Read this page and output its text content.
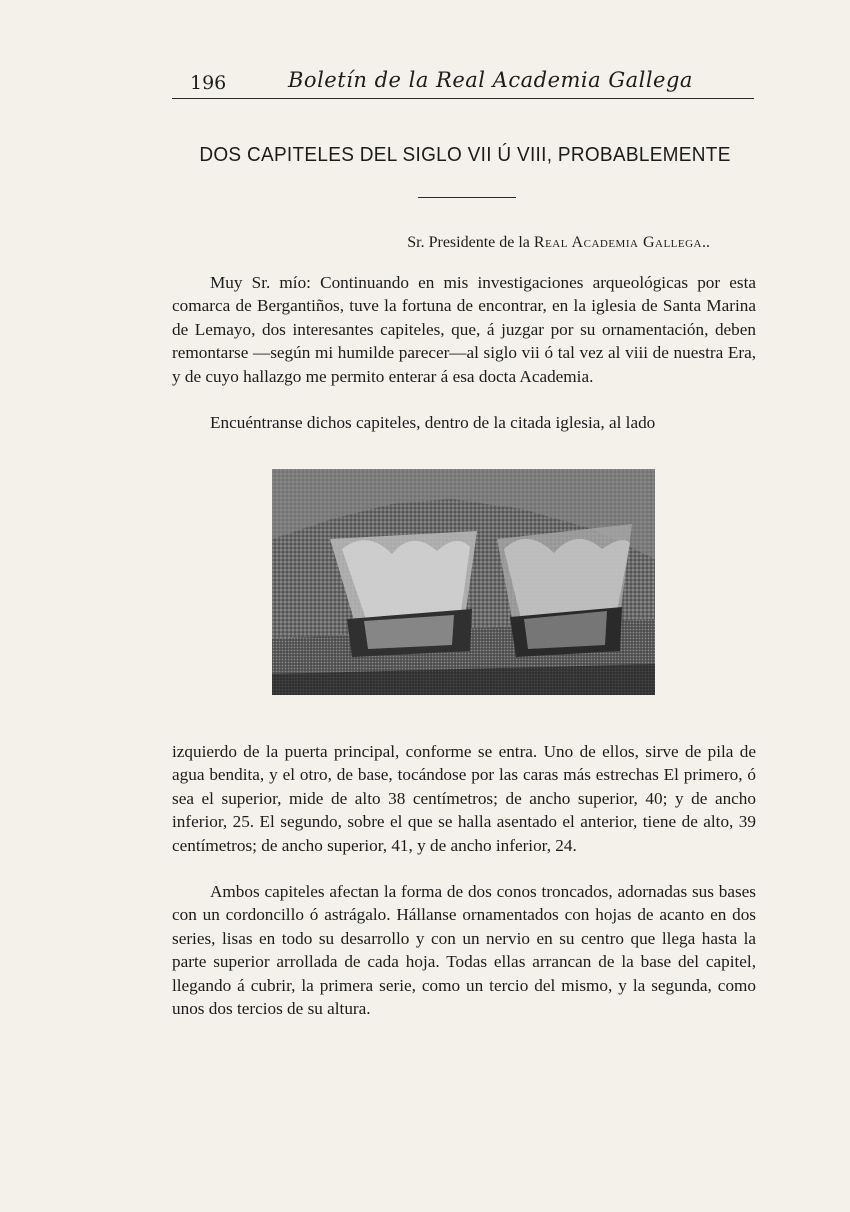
196	Boletín de la Real Academia Gallega
DOS CAPITELES DEL SIGLO VII Ú VIII, PROBABLEMENTE
Sr. Presidente de la Real Academia Gallega..

Muy Sr. mío: Continuando en mis investigaciones arqueológicas por esta comarca de Bergantiños, tuve la fortuna de encontrar, en la iglesia de Santa Marina de Lemayo, dos interesantes capiteles, que, á juzgar por su ornamentación, deben remontarse —según mi humilde parecer—al siglo vii ó tal vez al viii de nuestra Era, y de cuyo hallazgo me permito enterar á esa docta Academia.

Encuéntranse dichos capiteles, dentro de la citada iglesia, al lado

izquierdo de la puerta principal, conforme se entra. Uno de ellos, sirve de pila de agua bendita, y el otro, de base, tocándose por las caras más estrechas El primero, ó sea el superior, mide de alto 38 centímetros; de ancho superior, 40; y de ancho inferior, 25. El segundo, sobre el que se halla asentado el anterior, tiene de alto, 39 centímetros; de ancho superior, 41, y de ancho inferior, 24.

Ambos capiteles afectan la forma de dos conos troncados, adornadas sus bases con un cordoncillo ó astrágalo. Hállanse ornamentados con hojas de acanto en dos series, lisas en todo su desarrollo y con un nervio en su centro que llega hasta la parte superior arrollada de cada hoja. Todas ellas arrancan de la base del capitel, llegando á cubrir, la primera serie, como un tercio del mismo, y la segunda, como unos dos tercios de su altura.
